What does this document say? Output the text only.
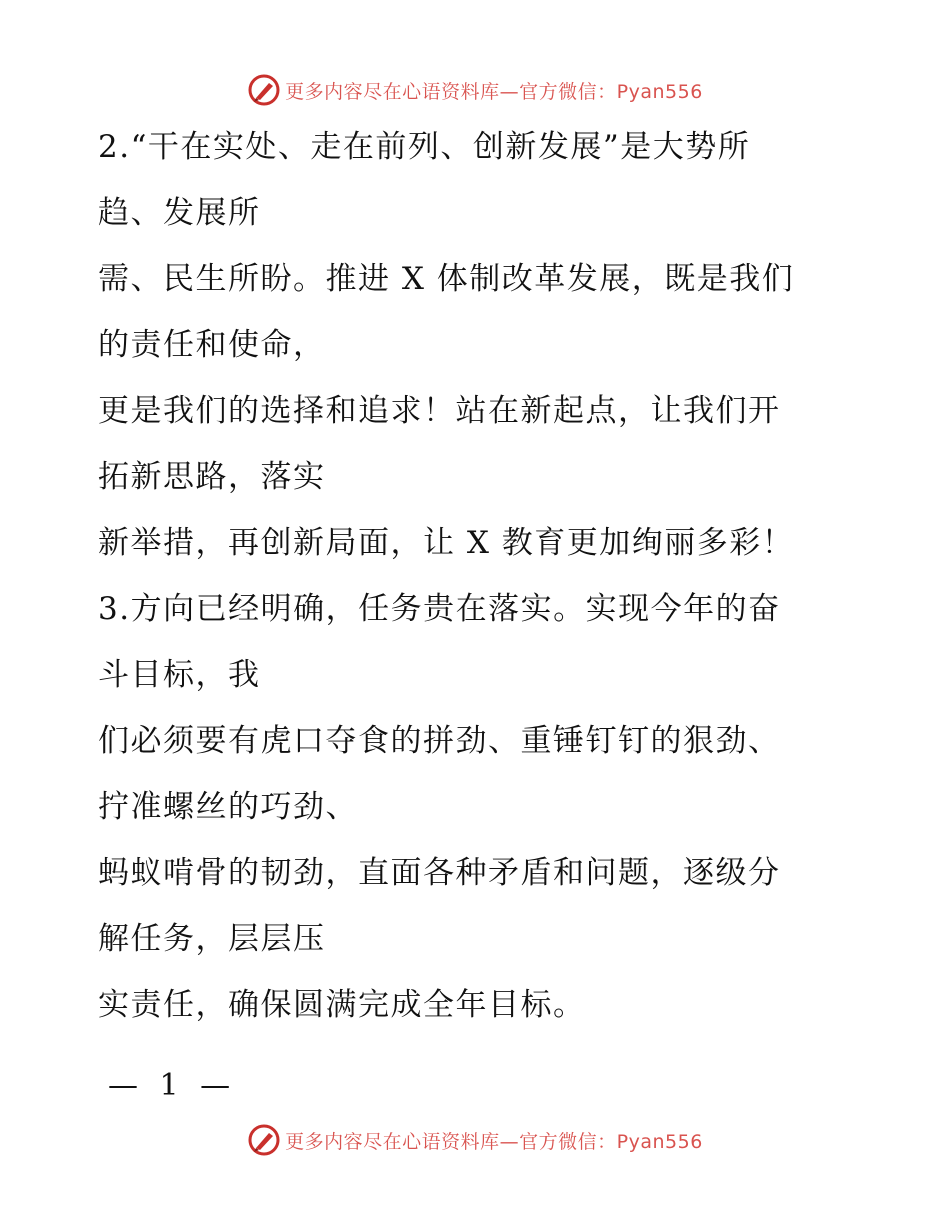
更多内容尽在心语资料库—官方微信：Pyan556
2.“干在实处、走在前列、创新发展”是大势所
趋、发展所
需、民生所盼。推进 X 体制改革发展，既是我们
的责任和使命，
更是我们的选择和追求！站在新起点，让我们开
拓新思路，落实
新举措，再创新局面，让 X 教育更加绚丽多彩！
3.方向已经明确，任务贵在落实。实现今年的奋
斗目标，我
们必须要有虎口夺食的拼劲、重锤钉钉的狠劲、
拧准螺丝的巧劲、
蚂蚁啃骨的韧劲，直面各种矛盾和问题，逐级分
解任务，层层压
实责任，确保圆满完成全年目标。
— 1 —
更多内容尽在心语资料库—官方微信：Pyan556
